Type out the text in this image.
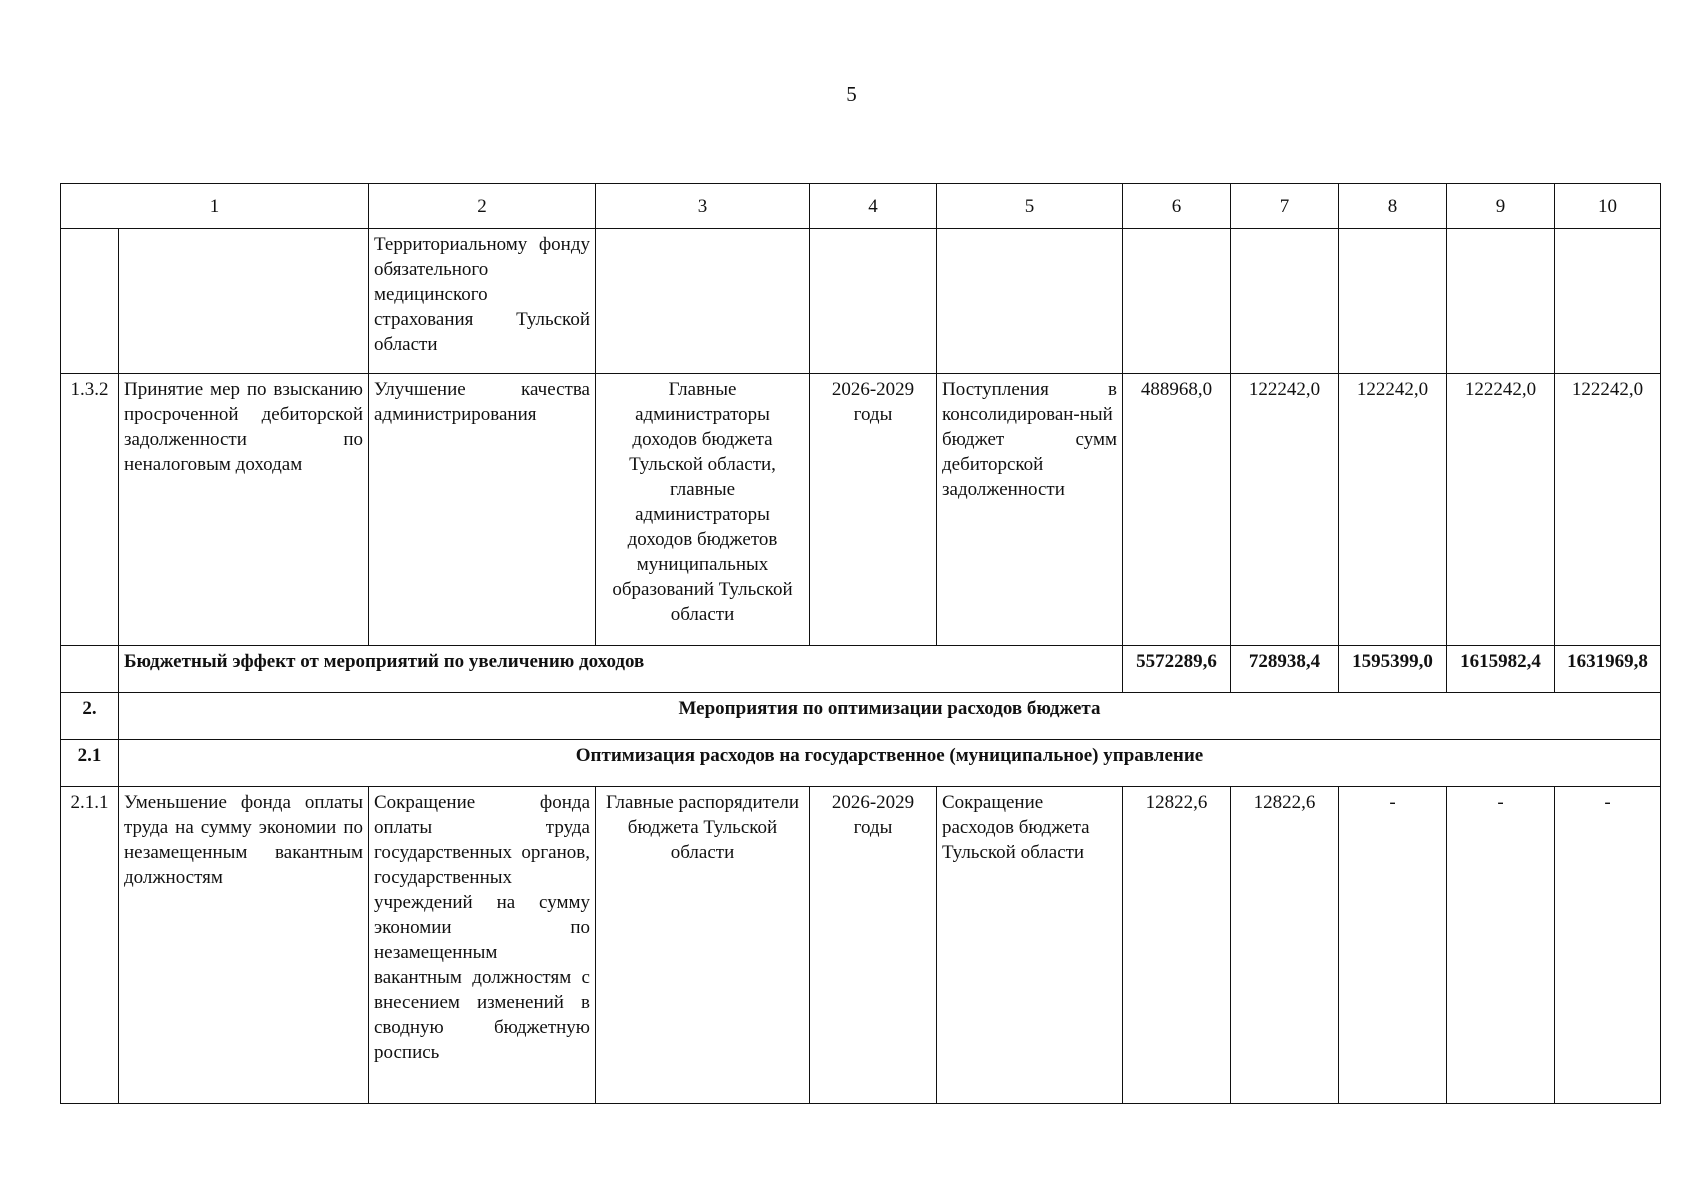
5
1		2	3	4	5	6	7	8	9	10
		Территориальному фонду обязательного медицинского страхования Тульской области								
1.3.2	Принятие мер по взысканию просроченной дебиторской задолженности по неналоговым доходам	Улучшение качества администрирования	Главные администраторы доходов бюджета Тульской области, главные администраторы доходов бюджетов муниципальных образований Тульской области	2026-2029 годы	Поступления в консолидирован-ный бюджет сумм дебиторской задолженности	488968,0	122242,0	122242,0	122242,0	122242,0
	Бюджетный эффект от мероприятий по увеличению доходов					5572289,6	728938,4	1595399,0	1615982,4	1631969,8
2.	Мероприятия по оптимизации расходов бюджета									
2.1	Оптимизация расходов на государственное (муниципальное) управление									
2.1.1	Уменьшение фонда оплаты труда на сумму экономии по незамещенным вакантным должностям	Сокращение фонда оплаты труда государственных органов, государственных учреждений на сумму экономии по незамещенным вакантным должностям с внесением изменений в сводную бюджетную роспись	Главные распорядители бюджета Тульской области	2026-2029 годы	Сокращение расходов бюджета Тульской области	12822,6	12822,6	-	-	-
